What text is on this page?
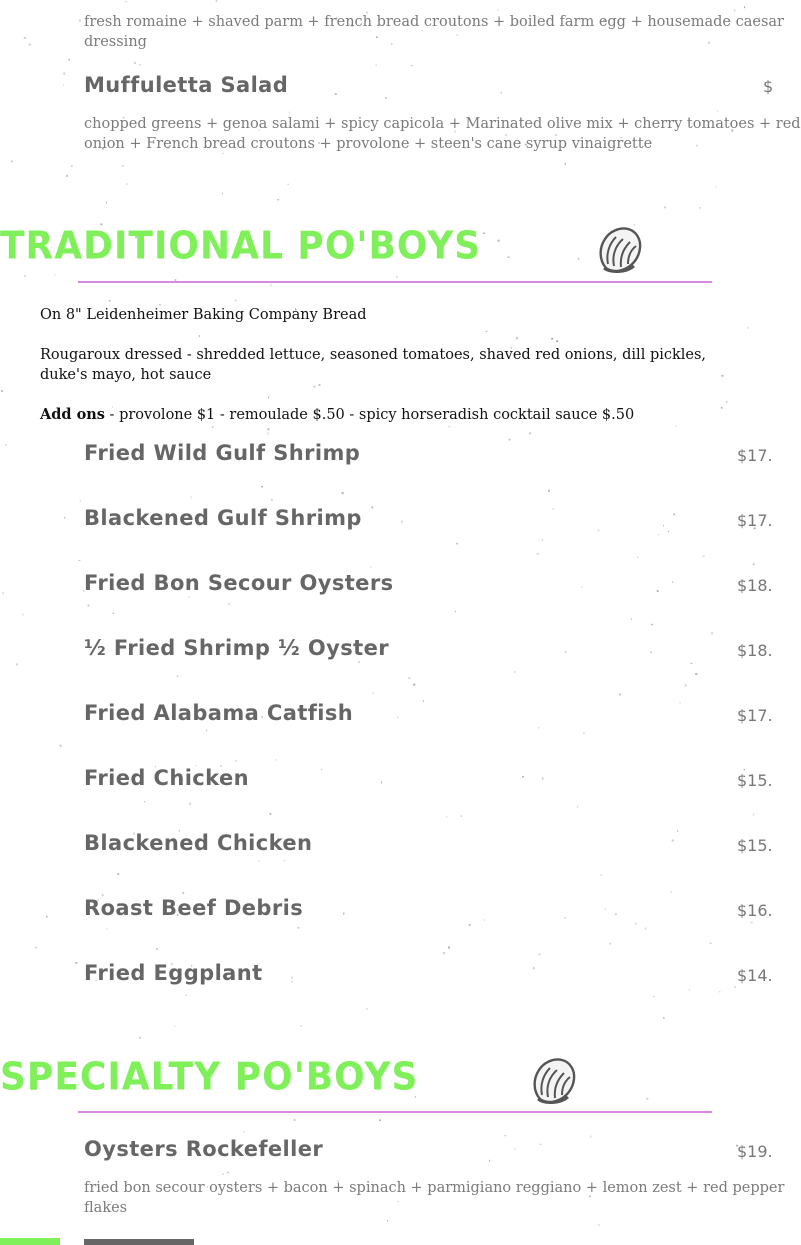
fresh romaine + shaved parm + french bread croutons + boiled farm egg + housemade caesar
dressing
Muffuletta Salad	$
chopped greens + genoa salami + spicy capicola + Marinated olive mix + cherry tomatoes + red
onion + French bread croutons + provolone + steen's cane syrup vinaigrette
TRADITIONAL PO'BOYS
On 8" Leidenheimer Baking Company Bread
Rougaroux dressed - shredded lettuce, seasoned tomatoes, shaved red onions, dill pickles,
duke's mayo, hot sauce
Add ons - provolone $1 - remoulade $.50 - spicy horseradish cocktail sauce $.50
Fried Wild Gulf Shrimp	$17.
Blackened Gulf Shrimp	$17.
Fried Bon Secour Oysters	$18.
½ Fried Shrimp ½ Oyster	$18.
Fried Alabama Catfish	$17.
Fried Chicken	$15.
Blackened Chicken	$15.
Roast Beef Debris	$16.
Fried Eggplant	$14.
SPECIALTY PO'BOYS
Oysters Rockefeller	$19.
fried bon secour oysters + bacon + spinach + parmigiano reggiano + lemon zest + red pepper
flakes
